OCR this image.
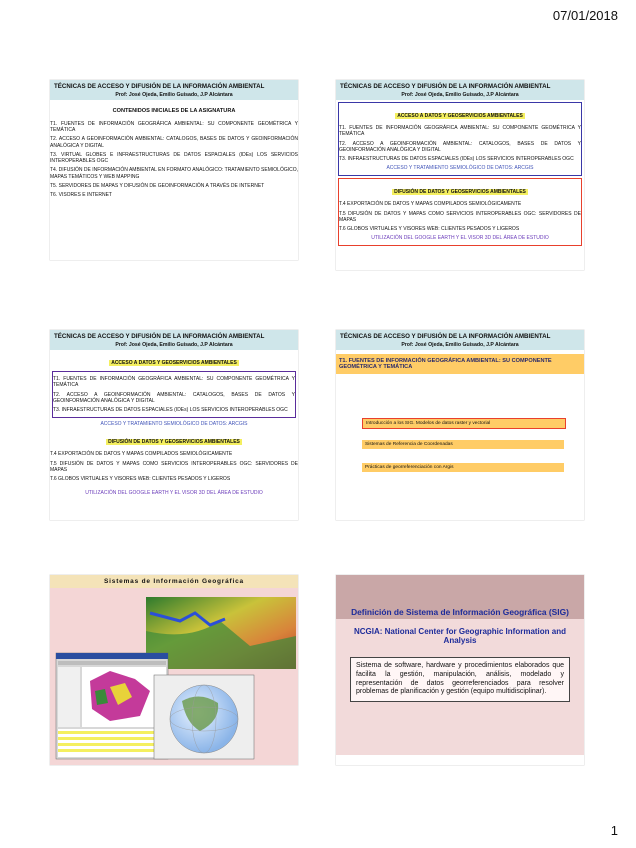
07/01/2018
TÉCNICAS DE ACCESO Y DIFUSIÓN DE LA INFORMACIÓN AMBIENTAL
Prof: José Ojeda, Emilio Guisado, J.P Alcántara
CONTENIDOS INICIALES DE LA ASIGNATURA
T1. FUENTES DE INFORMACIÓN GEOGRÁFICA AMBIENTAL: SU COMPONENTE GEOMÉTRICA Y TEMÁTICA
T2. ACCESO A GEOINFORMACIÓN AMBIENTAL: CATALOGOS, BASES DE DATOS Y GEOINFORMACIÓN ANALÓGICA Y DIGITAL
T3. VIRTUAL GLOBES E INFRAESTRUCTURAS DE DATOS ESPACIALES (IDEs) LOS SERVICIOS INTEROPERABLES OGC
T4. DIFUSIÓN DE INFORMACIÓN AMBIENTAL EN FORMATO ANALÓGICO: TRATAMIENTO SEMIOLÓGICO, MAPAS TEMÁTICOS Y WEB MAPPING
T5. SERVIDORES DE MAPAS Y DIFUSIÓN DE GEOINFORMACIÓN A TRAVÉS DE INTERNET
T6. VISORES E INTERNET
TÉCNICAS DE ACCESO Y DIFUSIÓN DE LA INFORMACIÓN AMBIENTAL
Prof: José Ojeda, Emilio Guisado, J.P Alcántara
ACCESO A DATOS Y GEOSERVICIOS AMBIENTALES
T1. FUENTES DE INFORMACIÓN GEOGRÁFICA AMBIENTAL: SU COMPONENTE GEOMÉTRICA Y TEMÁTICA
T2. ACCESO A GEOINFORMACIÓN AMBIENTAL: CATALOGOS, BASES DE DATOS Y GEOINFORMACIÓN ANALÓGICA Y DIGITAL
T3. INFRAESTRUCTURAS DE DATOS ESPACIALES (IDEs) LOS SERVICIOS INTEROPERABLES OGC
ACCESO Y TRATAMIENTO SEMIOLÓGICO DE DATOS: ARCGIS
DIFUSIÓN DE DATOS Y GEOSERVICIOS AMBIENTALES
T.4 EXPORTACIÓN DE DATOS Y MAPAS COMPILADOS SEMIOLÓGICAMENTE
T.5 DIFUSIÓN DE DATOS Y MAPAS COMO SERVICIOS INTEROPERABLES OGC: SERVIDORES DE MAPAS
T.6 GLOBOS VIRTUALES Y VISORES WEB: CLIENTES PESADOS Y LIGEROS
UTILIZACIÓN DEL GOOGLE EARTH Y EL VISOR 3D DEL ÁREA DE ESTUDIO
TÉCNICAS DE ACCESO Y DIFUSIÓN DE LA INFORMACIÓN AMBIENTAL
Prof: José Ojeda, Emilio Guisado, J.P Alcántara
ACCESO A DATOS Y GEOSERVICIOS AMBIENTALES
T1. FUENTES DE INFORMACIÓN GEOGRÁFICA AMBIENTAL: SU COMPONENTE GEOMÉTRICA Y TEMÁTICA
T2. ACCESO A GEOINFORMACIÓN AMBIENTAL: CATALOGOS, BASES DE DATOS Y GEOINFORMACIÓN ANALÓGICA Y DIGITAL
T3. INFRAESTRUCTURAS DE DATOS ESPACIALES (IDEs) LOS SERVICIOS INTEROPERABLES OGC
ACCESO Y TRATAMIENTO SEMIOLÓGICO DE DATOS: ARCGIS
DIFUSIÓN DE DATOS Y GEOSERVICIOS AMBIENTALES
T.4 EXPORTACIÓN DE DATOS Y MAPAS COMPILADOS SEMIOLÓGICAMENTE
T.5 DIFUSIÓN DE DATOS Y MAPAS COMO SERVICIOS INTEROPERABLES OGC: SERVIDORES DE MAPAS
T.6 GLOBOS VIRTUALES Y VISORES WEB: CLIENTES PESADOS Y LIGEROS
UTILIZACIÓN DEL GOOGLE EARTH Y EL VISOR 3D DEL ÁREA DE ESTUDIO
TÉCNICAS DE ACCESO Y DIFUSIÓN DE LA INFORMACIÓN AMBIENTAL
Prof: José Ojeda, Emilio Guisado, J.P Alcántara
T1. FUENTES DE INFORMACIÓN GEOGRÁFICA AMBIENTAL: SU COMPONENTE GEOMÉTRICA Y TEMÁTICA
Introducción a los SIG. Modelos de datos raster y vectorial
Sistemas de Referencia de Coordenadas
Prácticas de georreferenciación con Argis
Sistemas de Información Geográfica
Definición de Sistema de Información Geográfica (SIG)
NCGIA: National Center for Geographic Information and Analysis
Sistema de software, hardware y procedimientos elaborados que facilita la gestión, manipulación, análisis, modelado y representación de datos georreferenciados para resolver problemas de planificación y gestión (equipo multidisciplinar).
1
